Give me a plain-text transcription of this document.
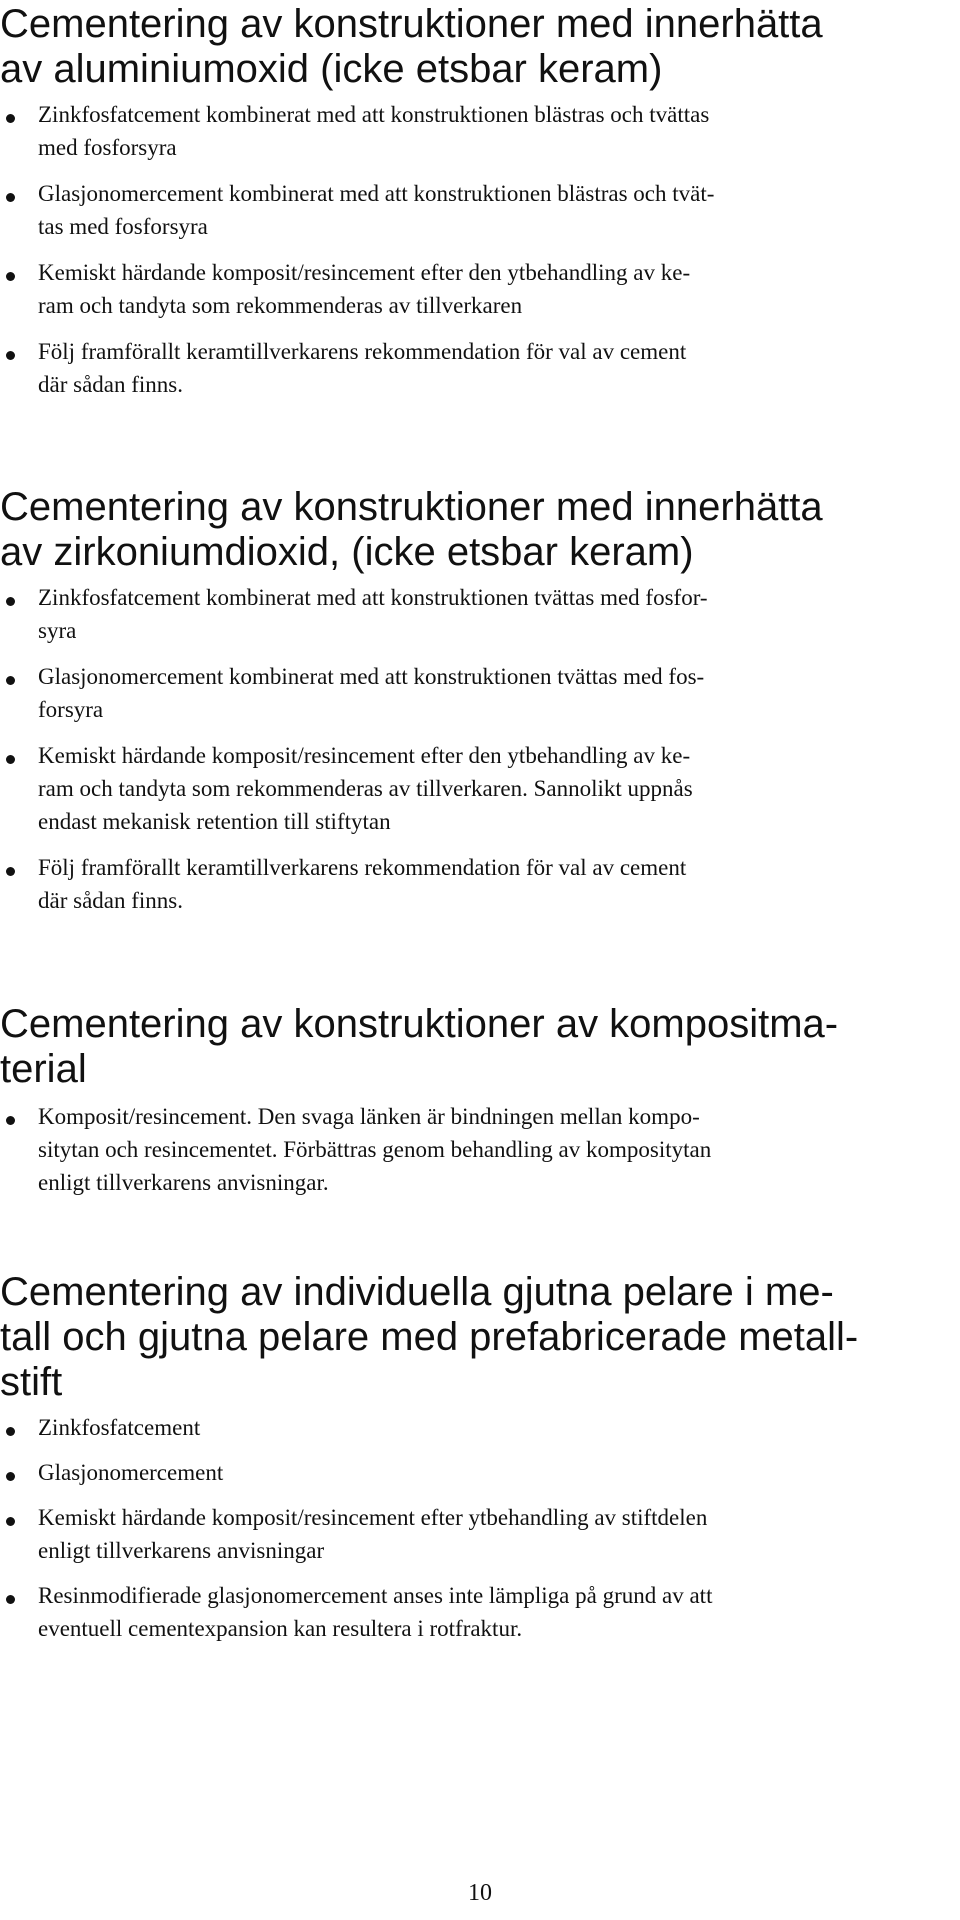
Cementering av konstruktioner med innerhätta
av aluminiumoxid (icke etsbar keram)
Zinkfosfatcement kombinerat med att konstruktionen blästras och tvättas
med fosforsyra
Glasjonomercement kombinerat med att konstruktionen blästras och tvät-
tas med fosforsyra
Kemiskt härdande komposit/resincement efter den ytbehandling av ke-
ram och tandyta som rekommenderas av tillverkaren
Följ framförallt keramtillverkarens rekommendation för val av cement
där sådan finns.
Cementering av konstruktioner med innerhätta
av zirkoniumdioxid, (icke etsbar keram)
Zinkfosfatcement kombinerat med att konstruktionen tvättas med fosfor-
syra
Glasjonomercement kombinerat med att konstruktionen tvättas med fos-
forsyra
Kemiskt härdande komposit/resincement efter den ytbehandling av ke-
ram och tandyta som rekommenderas av tillverkaren. Sannolikt uppnås
endast mekanisk retention till stiftytan
Följ framförallt keramtillverkarens rekommendation för val av cement
där sådan finns.
Cementering av konstruktioner av kompositma-
terial
Komposit/resincement. Den svaga länken är bindningen mellan kompo-
sitytan och resincementet. Förbättras genom behandling av kompositytan
enligt tillverkarens anvisningar.
Cementering av individuella gjutna pelare i me-
tall och gjutna pelare med prefabricerade metall-
stift
Zinkfosfatcement
Glasjonomercement
Kemiskt härdande komposit/resincement efter ytbehandling av stiftdelen
enligt tillverkarens anvisningar
Resinmodifierade glasjonomercement anses inte lämpliga på grund av att
eventuell cementexpansion kan resultera i rotfraktur.
10
